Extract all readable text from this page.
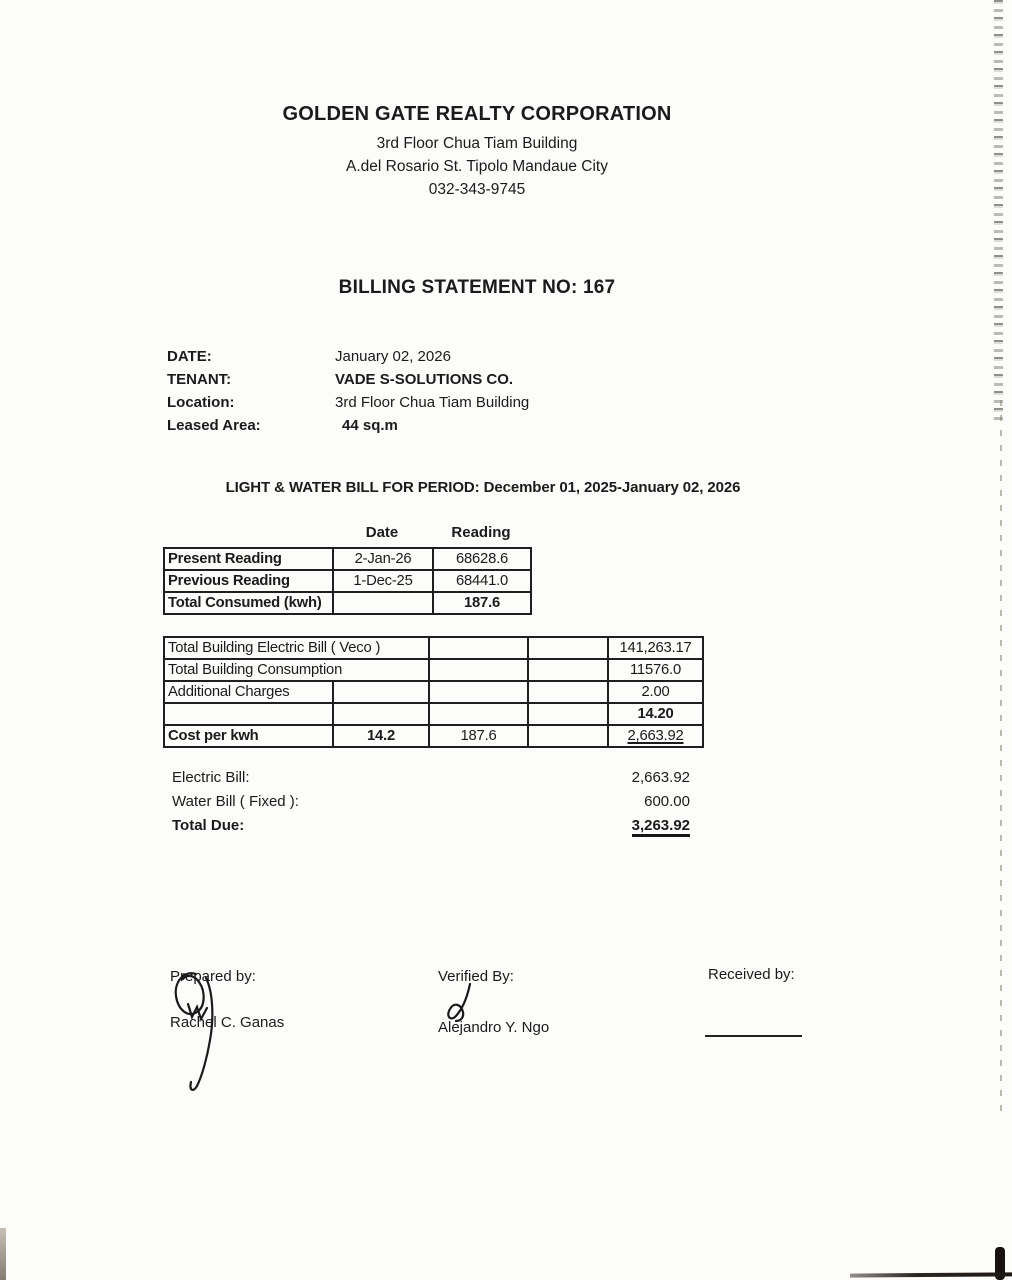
GOLDEN GATE REALTY CORPORATION
3rd Floor Chua Tiam Building
A.del Rosario St. Tipolo Mandaue City
032-343-9745
BILLING STATEMENT NO: 167
DATE:	January 02, 2026
TENANT:	VADE S-SOLUTIONS CO.
Location:	3rd Floor Chua Tiam Building
Leased Area:	44 sq.m
LIGHT & WATER BILL FOR PERIOD: December 01, 2025-January 02, 2026
Date	Reading
Present Reading	2-Jan-26	68628.6
Previous Reading	1-Dec-25	68441.0
Total Consumed (kwh)		187.6
Total Building Electric Bill ( Veco )				141,263.17
Total Building Consumption				11576.0
Additional Charges				2.00
				14.20
Cost per kwh	14.2	187.6		2,663.92
Electric Bill:	2,663.92
Water Bill ( Fixed ):	600.00
Total Due:	3,263.92
Prepared by:
Rachel C. Ganas
Verified By:
Alejandro Y. Ngo
Received by:
